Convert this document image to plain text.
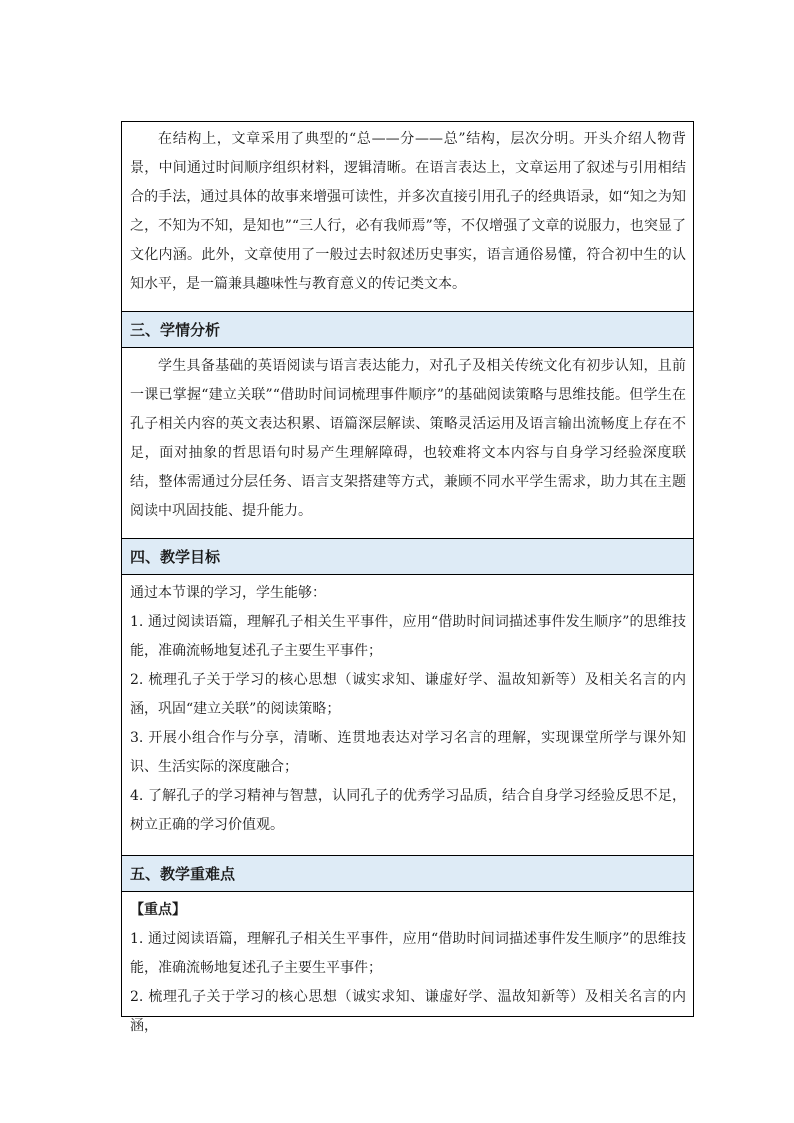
在结构上，文章采用了典型的“总——分——总”结构，层次分明。开头介绍人物背景，中间通过时间顺序组织材料，逻辑清晰。在语言表达上，文章运用了叙述与引用相结合的手法，通过具体的故事来增强可读性，并多次直接引用孔子的经典语录，如“知之为知之，不知为不知，是知也”“三人行，必有我师焉”等，不仅增强了文章的说服力，也突显了文化内涵。此外，文章使用了一般过去时叙述历史事实，语言通俗易懂，符合初中生的认知水平，是一篇兼具趣味性与教育意义的传记类文本。

三、学情分析

学生具备基础的英语阅读与语言表达能力，对孔子及相关传统文化有初步认知，且前一课已掌握“建立关联”“借助时间词梳理事件顺序”的基础阅读策略与思维技能。但学生在孔子相关内容的英文表达积累、语篇深层解读、策略灵活运用及语言输出流畅度上存在不足，面对抽象的哲思语句时易产生理解障碍，也较难将文本内容与自身学习经验深度联结，整体需通过分层任务、语言支架搭建等方式，兼顾不同水平学生需求，助力其在主题阅读中巩固技能、提升能力。

四、教学目标

通过本节课的学习，学生能够：

1. 通过阅读语篇，理解孔子相关生平事件，应用“借助时间词描述事件发生顺序”的思维技能，准确流畅地复述孔子主要生平事件；

2. 梳理孔子关于学习的核心思想（诚实求知、谦虚好学、温故知新等）及相关名言的内涵，巩固“建立关联”的阅读策略；

3. 开展小组合作与分享，清晰、连贯地表达对学习名言的理解，实现课堂所学与课外知识、生活实际的深度融合；

4. 了解孔子的学习精神与智慧，认同孔子的优秀学习品质，结合自身学习经验反思不足，树立正确的学习价值观。

五、教学重难点

【重点】

1. 通过阅读语篇，理解孔子相关生平事件，应用“借助时间词描述事件发生顺序”的思维技能，准确流畅地复述孔子主要生平事件；

2. 梳理孔子关于学习的核心思想（诚实求知、谦虚好学、温故知新等）及相关名言的内涵，
